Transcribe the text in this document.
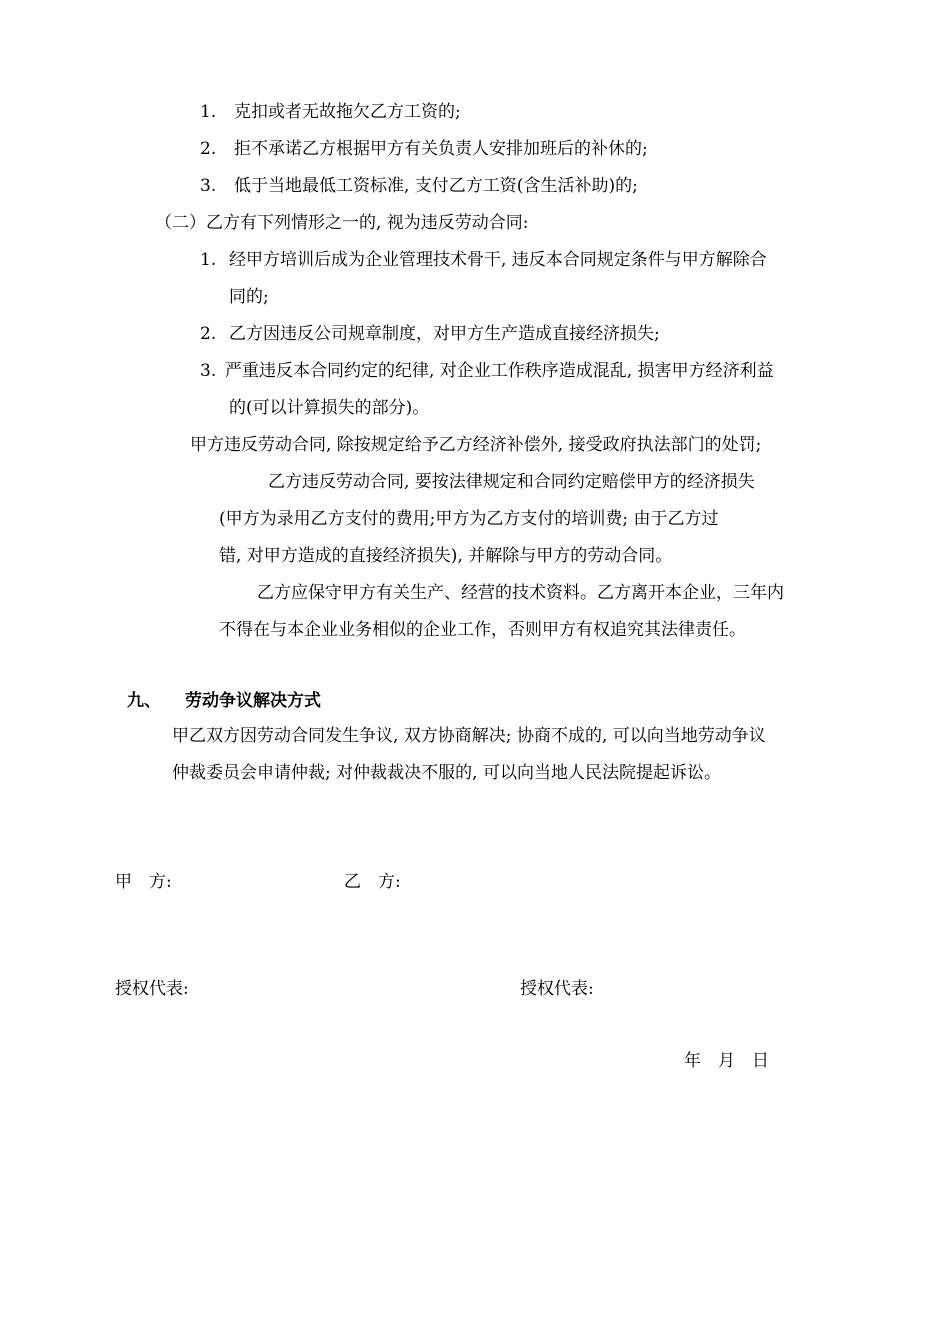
1. 克扣或者无故拖欠乙方工资的;
2. 拒不承诺乙方根据甲方有关负责人安排加班后的补休的;
3. 低于当地最低工资标准, 支付乙方工资(含生活补助)的;
（二）乙方有下列情形之一的, 视为违反劳动合同:
1. 经甲方培训后成为企业管理技术骨干, 违反本合同规定条件与甲方解除合
同的;
2. 乙方因违反公司规章制度，对甲方生产造成直接经济损失;
3. 严重违反本合同约定的纪律, 对企业工作秩序造成混乱, 损害甲方经济利益
的(可以计算损失的部分)。
甲方违反劳动合同, 除按规定给予乙方经济补偿外, 接受政府执法部门的处罚;
乙方违反劳动合同, 要按法律规定和合同约定赔偿甲方的经济损失
(甲方为录用乙方支付的费用;甲方为乙方支付的培训费; 由于乙方过
错, 对甲方造成的直接经济损失), 并解除与甲方的劳动合同。
乙方应保守甲方有关生产、经营的技术资料。乙方离开本企业，三年内
不得在与本企业业务相似的企业工作，否则甲方有权追究其法律责任。
九、 劳动争议解决方式
甲乙双方因劳动合同发生争议, 双方协商解决; 协商不成的, 可以向当地劳动争议
仲裁委员会申请仲裁; 对仲裁裁决不服的, 可以向当地人民法院提起诉讼。
甲　方:	乙　方:
授权代表:	授权代表:
年　月　日
